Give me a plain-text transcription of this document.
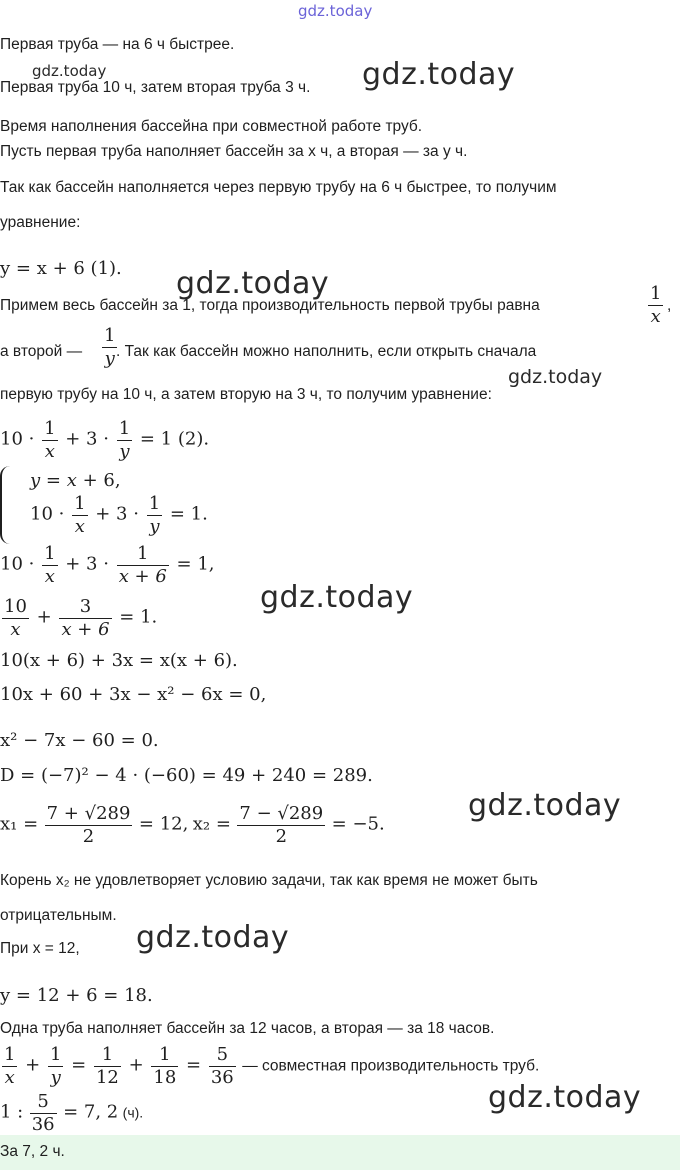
gdz.today
Первая труба — на 6 ч быстрее.
gdz.today
Первая труба 10 ч, затем вторая труба 3 ч. gdz.today
Время наполнения бассейна при совместной работе труб.
Пусть первая труба наполняет бассейн за x ч, а вторая — за y ч.
Так как бассейн наполняется через первую трубу на 6 ч быстрее, то получим
уравнение:
y = x + 6 (1). gdz.today
Примем весь бассейн за 1, тогда производительность первой трубы равна	$\frac{1}{x}$ ,
а второй — $\frac{1}{y}$
. Так как бассейн можно наполнить, если открыть сначала
gdz.today
первую трубу на 10 ч, а затем вторую на 3 ч, то получим уравнение:
$10 \cdot \frac{1}{x} + 3 \cdot \frac{1}{y} = 1$ (2).
y = x + 6,
$10 \cdot \frac{1}{x} + 3 \cdot \frac{1}{y} = 1$.
$10 \cdot \frac{1}{x} + 3 \cdot \frac{1}{x + 6} = 1$,
$\frac{10}{x} + \frac{3}{x + 6} = 1$.
gdz.today
10(x + 6) + 3x = x(x + 6).
10x + 60 + 3x − x² − 6x = 0,
x² − 7x − 60 = 0.
D = (−7)² − 4 · (−60) = 49 + 240 = 289.
gdz.today
$x_1 = \frac{7 + √289}{2} = 12$, $x_2 = \frac{7 - √289}{2} = -5$.
Корень x₂ не удовлетворяет условию задачи, так как время не может быть
отрицательным.
При x = 12, gdz.today
y = 12 + 6 = 18.
Одна труба наполняет бассейн за 12 часов, а вторая — за 18 часов.
$\frac{1}{x} + \frac{1}{y} = \frac{1}{12} + \frac{1}{18} = \frac{5}{36}$ — совместная производительность труб.
gdz.today
1 : $\frac{5}{36} = 7$, 2 (ч).
За 7, 2 ч.
